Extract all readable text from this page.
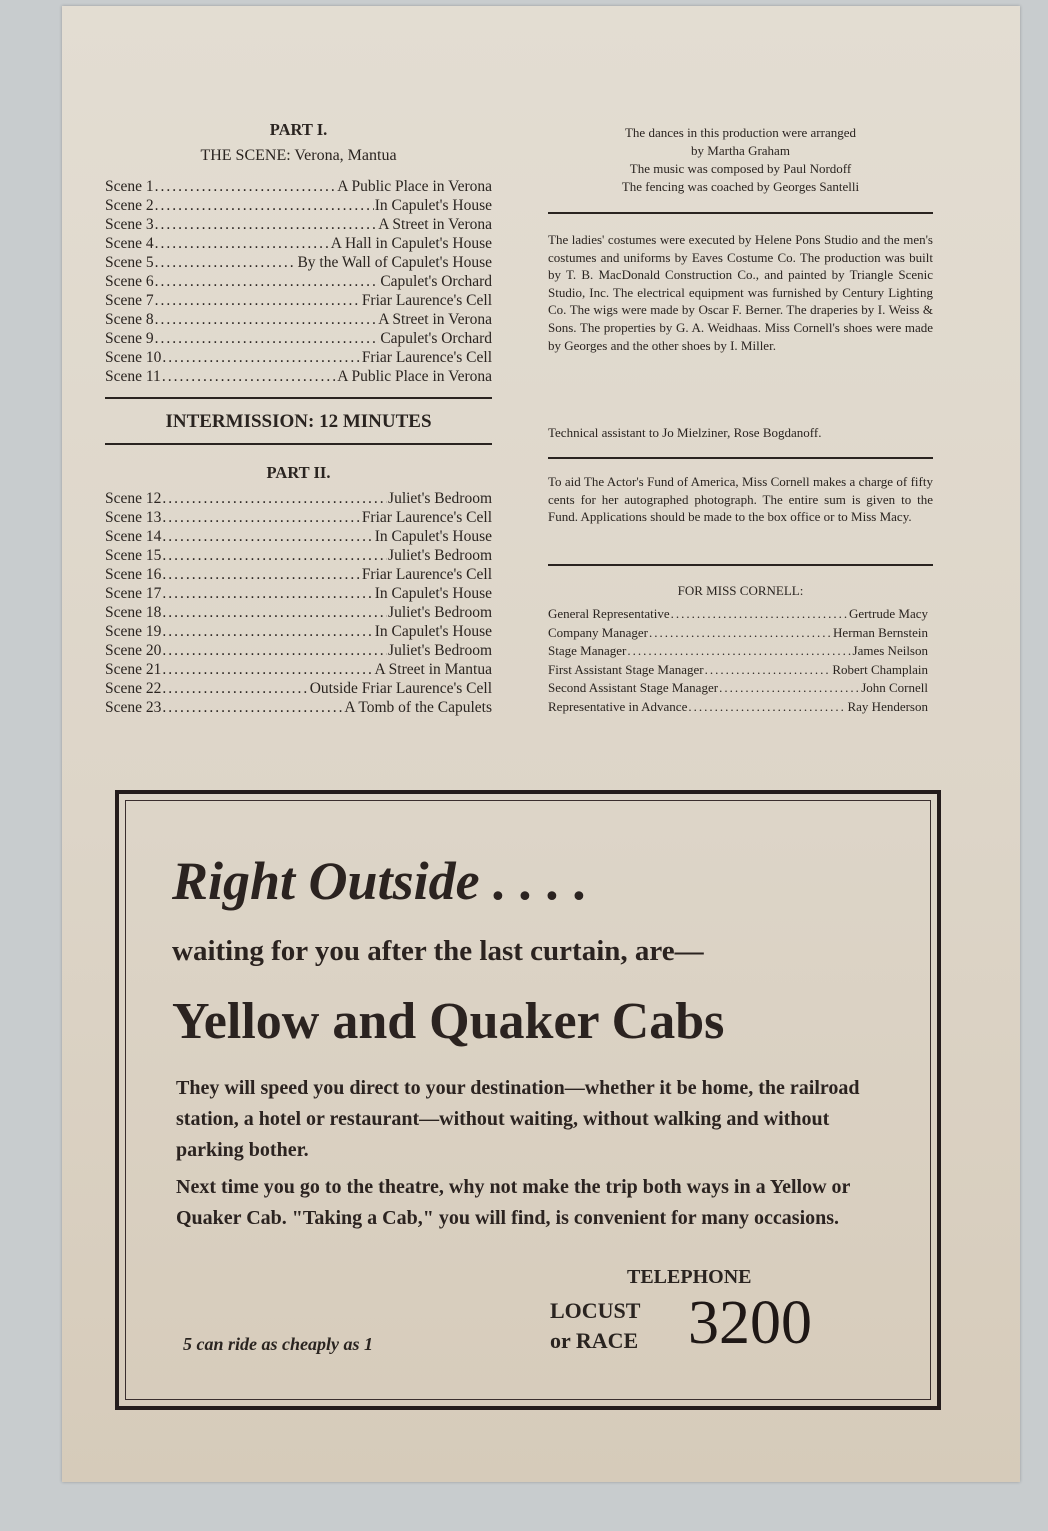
PART I.
THE SCENE: Verona, Mantua
Scene 1 .....	A Public Place in Verona
Scene 2 .....	In Capulet's House
Scene 3 .....	A Street in Verona
Scene 4 .....	A Hall in Capulet's House
Scene 5 .....	By the Wall of Capulet's House
Scene 6 .....	Capulet's Orchard
Scene 7 .....	Friar Laurence's Cell
Scene 8 .....	A Street in Verona
Scene 9 .....	Capulet's Orchard
Scene 10 .....	Friar Laurence's Cell
Scene 11 .....	A Public Place in Verona
INTERMISSION: 12 MINUTES
PART II.
Scene 12 .....	Juliet's Bedroom
Scene 13 .....	Friar Laurence's Cell
Scene 14 .....	In Capulet's House
Scene 15 .....	Juliet's Bedroom
Scene 16 .....	Friar Laurence's Cell
Scene 17 .....	In Capulet's House
Scene 18 .....	Juliet's Bedroom
Scene 19 .....	In Capulet's House
Scene 20 .....	Juliet's Bedroom
Scene 21 .....	A Street in Mantua
Scene 22 .....	Outside Friar Laurence's Cell
Scene 23 .....	A Tomb of the Capulets
The dances in this production were arranged
by Martha Graham
The music was composed by Paul Nordoff
The fencing was coached by Georges Santelli
The ladies' costumes were executed by Helene Pons Studio and the men's costumes and uniforms by Eaves Costume Co. The production was built by T. B. MacDonald Construction Co., and painted by Triangle Scenic Studio, Inc. The electrical equipment was furnished by Century Lighting Co. The wigs were made by Oscar F. Berner. The draperies by I. Weiss & Sons. The properties by G. A. Weidhaas. Miss Cornell's shoes were made by Georges and the other shoes by I. Miller.
Technical assistant to Jo Mielziner, Rose Bogdanoff.
To aid The Actor's Fund of America, Miss Cornell makes a charge of fifty cents for her autographed photograph. The entire sum is given to the Fund. Applications should be made to the box office or to Miss Macy.
FOR MISS CORNELL:
General Representative .....	Gertrude Macy
Company Manager .....	Herman Bernstein
Stage Manager .....	James Neilson
First Assistant Stage Manager .....	Robert Champlain
Second Assistant Stage Manager .....	John Cornell
Representative in Advance .....	Ray Henderson
Right Outside . . . .
waiting for you after the last curtain, are—
Yellow and Quaker Cabs
They will speed you direct to your destination—whether it be home, the railroad station, a hotel or restaurant—without waiting, without walking and without parking bother.
Next time you go to the theatre, why not make the trip both ways in a Yellow or Quaker Cab. "Taking a Cab," you will find, is convenient for many occasions.
TELEPHONE
LOCUST
or RACE 3200
5 can ride as cheaply as 1
